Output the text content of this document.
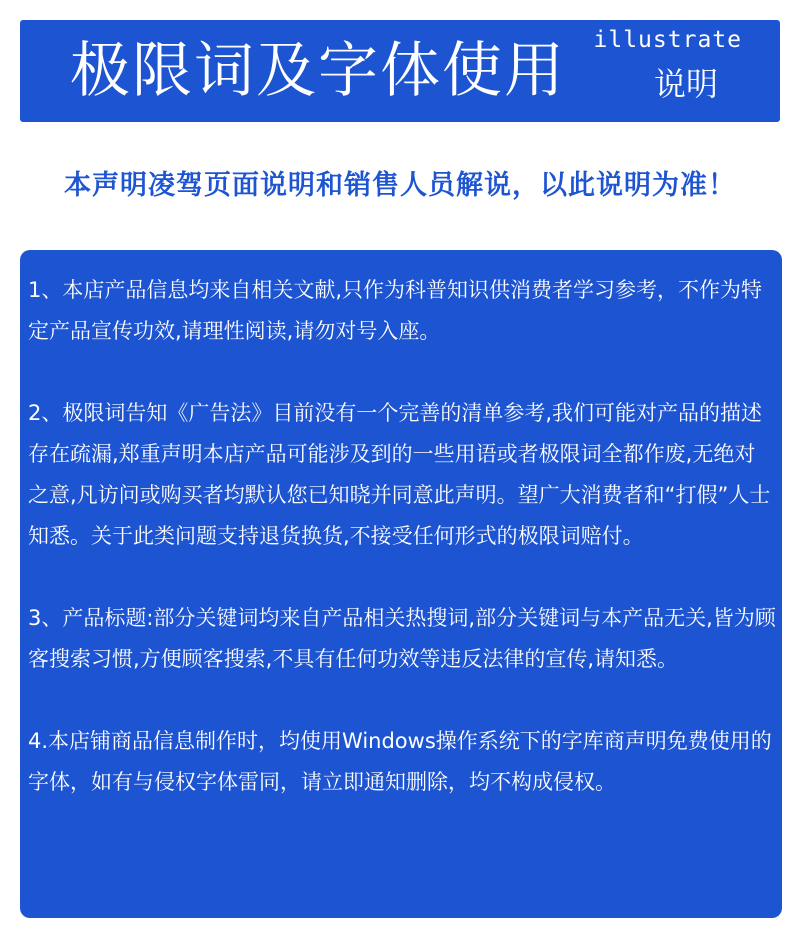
极限词及字体使用 illustrate
说明
本声明凌驾页面说明和销售人员解说，以此说明为准！

1、本店产品信息均来自相关文献,只作为科普知识供消费者学习参考，不作为特定产品宣传功效,请理性阅读,请勿对号入座。

2、极限词告知《广告法》目前没有一个完善的清单参考,我们可能对产品的描述存在疏漏,郑重声明本店产品可能涉及到的一些用语或者极限词全都作废,无绝对之意,凡访问或购买者均默认您已知晓并同意此声明。望广大消费者和“打假”人士知悉。关于此类问题支持退货换货,不接受任何形式的极限词赔付。

3、产品标题:部分关键词均来自产品相关热搜词,部分关键词与本产品无关,皆为顾客搜索习惯,方便顾客搜索,不具有任何功效等违反法律的宣传,请知悉。

4.本店铺商品信息制作时，均使用Windows操作系统下的字库商声明免费使用的字体，如有与侵权字体雷同，请立即通知删除，均不构成侵权。
